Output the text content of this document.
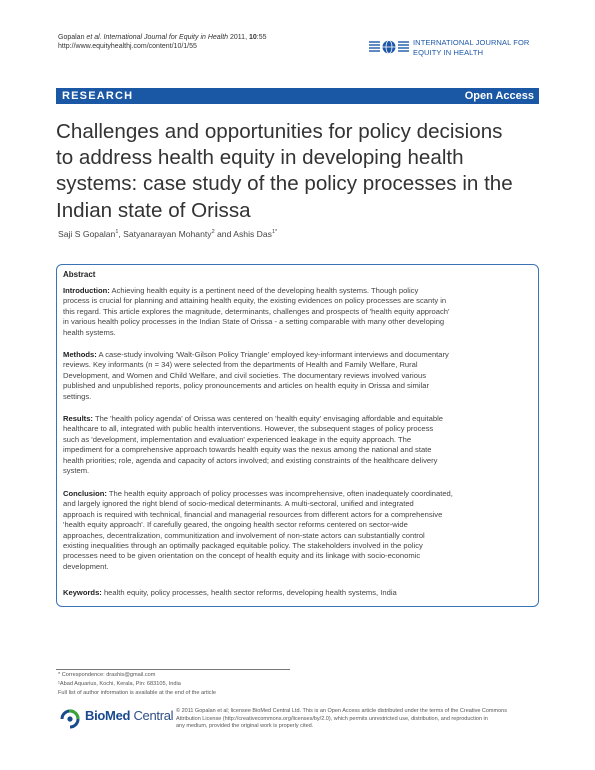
Gopalan et al. International Journal for Equity in Health 2011, 10:55
http://www.equityhealthj.com/content/10/1/55	INTERNATIONAL JOURNAL FOR
EQUITY IN HEALTH
RESEARCH	Open Access
Challenges and opportunities for policy decisions
to address health equity in developing health
systems: case study of the policy processes in the
Indian state of Orissa
Saji S Gopalan$^1$, Satyanarayan Mohanty$^2$ and Ashis Das$^{1*}$
Abstract
Introduction: Achieving health equity is a pertinent need of the developing health systems. Though policy
process is crucial for planning and attaining health equity, the existing evidences on policy processes are scanty in
this regard. This article explores the magnitude, determinants, challenges and prospects of 'health equity approach'
in various health policy processes in the Indian State of Orissa - a setting comparable with many other developing
health systems.
Methods: A case-study involving 'Walt-Gilson Policy Triangle' employed key-informant interviews and documentary
reviews. Key informants (n = 34) were selected from the departments of Health and Family Welfare, Rural
Development, and Women and Child Welfare, and civil societies. The documentary reviews involved various
published and unpublished reports, policy pronouncements and articles on health equity in Orissa and similar
settings.
Results: The 'health policy agenda' of Orissa was centered on 'health equity' envisaging affordable and equitable
healthcare to all, integrated with public health interventions. However, the subsequent stages of policy process
such as 'development, implementation and evaluation' experienced leakage in the equity approach. The
impediment for a comprehensive approach towards health equity was the nexus among the national and state
health priorities; role, agenda and capacity of actors involved; and existing constraints of the healthcare delivery
system.
Conclusion: The health equity approach of policy processes was incomprehensive, often inadequately coordinated,
and largely ignored the right blend of socio-medical determinants. A multi-sectoral, unified and integrated
approach is required with technical, financial and managerial resources from different actors for a comprehensive
'health equity approach'. If carefully geared, the ongoing health sector reforms centered on sector-wide
approaches, decentralization, communitization and involvement of non-state actors can substantially control
existing inequalities through an optimally packaged equitable policy. The stakeholders involved in the policy
processes need to be given orientation on the concept of health equity and its linkage with socio-economic
development.
Keywords: health equity, policy processes, health sector reforms, developing health systems, India
* Correspondence: drashis@gmail.com
¹Abad Aquarius, Kochi, Kerala, Pin: 683105, India
Full list of author information is available at the end of the article
BioMed Central © 2011 Gopalan et al; licensee BioMed Central Ltd. This is an Open Access article distributed under the terms of the Creative Commons
Attribution License (http://creativecommons.org/licenses/by/2.0), which permits unrestricted use, distribution, and reproduction in
any medium, provided the original work is properly cited.
